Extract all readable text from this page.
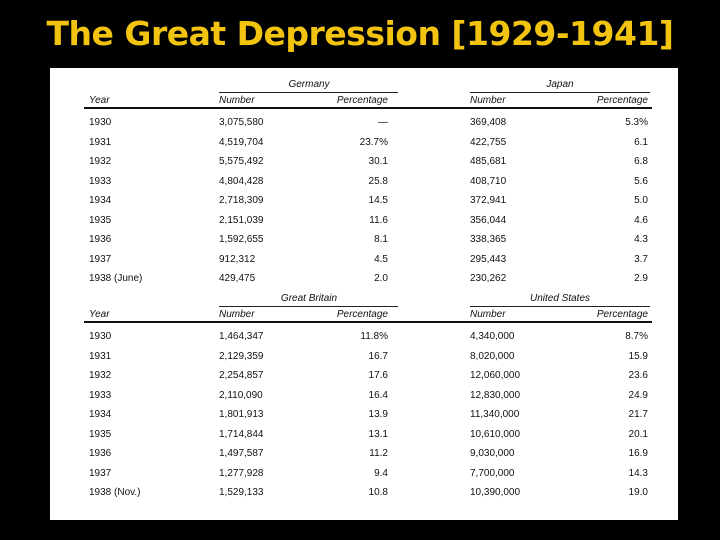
The Great Depression [1929-1941]
Germany	Japan
Year	Number	Percentage	Number	Percentage
1930	3,075,580	—	369,408	5.3%
1931	4,519,704	23.7%	422,755	6.1
1932	5,575,492	30.1	485,681	6.8
1933	4,804,428	25.8	408,710	5.6
1934	2,718,309	14.5	372,941	5.0
1935	2,151,039	11.6	356,044	4.6
1936	1,592,655	8.1	338,365	4.3
1937	912,312	4.5	295,443	3.7
1938 (June)	429,475	2.0	230,262	2.9
Great Britain	United States
Year	Number	Percentage	Number	Percentage
1930	1,464,347	11.8%	4,340,000	8.7%
1931	2,129,359	16.7	8,020,000	15.9
1932	2,254,857	17.6	12,060,000	23.6
1933	2,110,090	16.4	12,830,000	24.9
1934	1,801,913	13.9	11,340,000	21.7
1935	1,714,844	13.1	10,610,000	20.1
1936	1,497,587	11.2	9,030,000	16.9
1937	1,277,928	9.4	7,700,000	14.3
1938 (Nov.)	1,529,133	10.8	10,390,000	19.0
